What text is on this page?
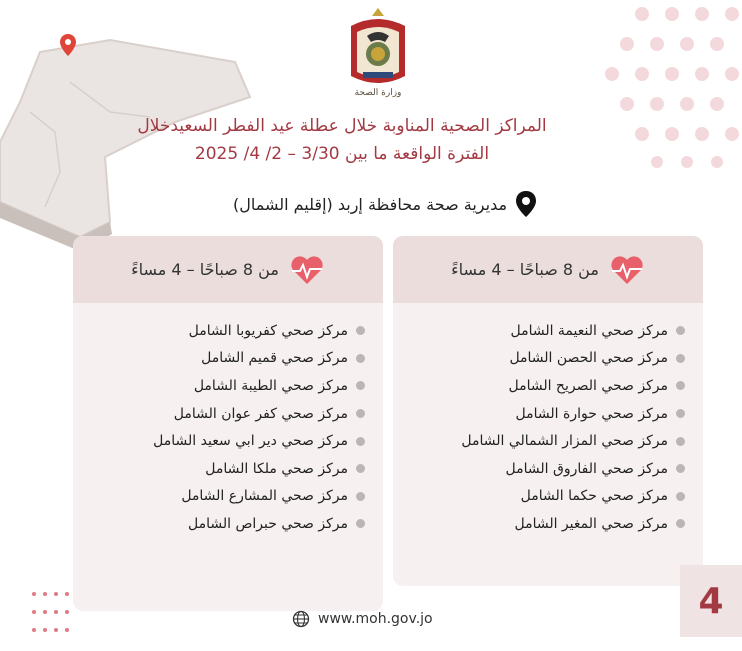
وزارة الصحة
المراكز الصحية المناوبة خلال عطلة عيد الفطر السعيدخلال
الفترة الواقعة ما بين 3/30 – 2/ 4/ 2025
مديرية صحة محافظة إربد (إقليم الشمال)
من 8 صباحًا – 4 مساءً
مركز صحي النعيمة الشامل
مركز صحي الحصن الشامل
مركز صحي الصريح الشامل
مركز صحي حوارة الشامل
مركز صحي المزار الشمالي الشامل
مركز صحي الفاروق الشامل
مركز صحي حكما الشامل
مركز صحي المغير الشامل
من 8 صباحًا – 4 مساءً
مركز صحي كفريوبا الشامل
مركز صحي قميم الشامل
مركز صحي الطيبة الشامل
مركز صحي كفر عوان الشامل
مركز صحي دير ابي سعيد الشامل
مركز صحي ملكا الشامل
مركز صحي المشارع الشامل
مركز صحي حبراص الشامل
4
www.moh.gov.jo
